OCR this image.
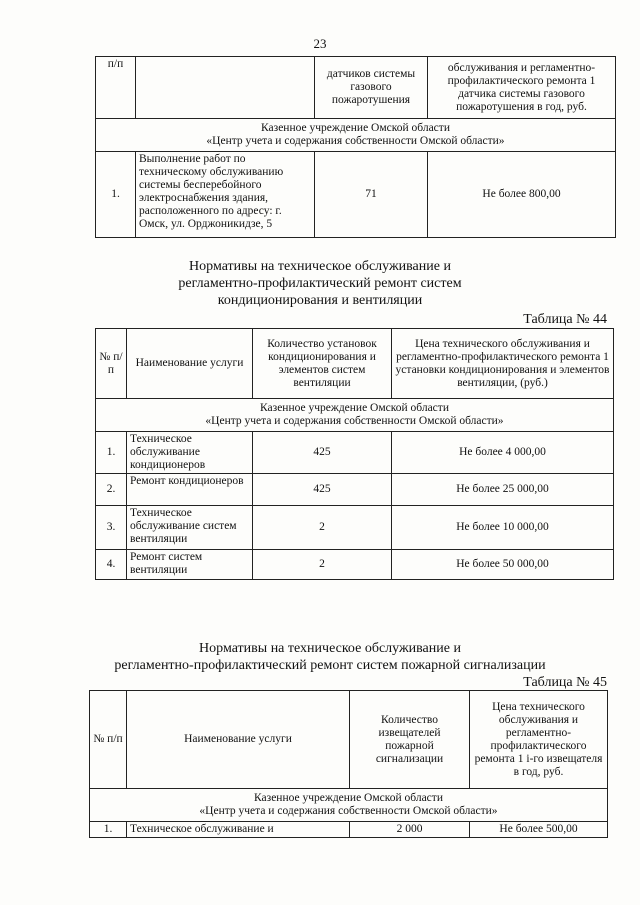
23
п/п		датчиков системы газового пожаротушения	обслуживания и регламентно-профилактического ремонта 1 датчика системы газового пожаротушения в год, руб.

Казенное учреждение Омской области
«Центр учета и содержания собственности Омской области»			

1.	Выполнение работ по техническому обслуживанию системы бесперебойного электроснабжения здания, расположенного по адресу: г. Омск, ул. Орджоникидзе, 5	71	Не более 800,00
Нормативы на техническое обслуживание и
регламентно-профилактический ремонт систем
кондиционирования и вентиляции
Таблица № 44
№ п/п	Наименование услуги	Количество установок кондиционирования и элементов систем вентиляции	Цена технического обслуживания и регламентно-профилактического ремонта 1 установки кондиционирования и элементов вентиляции, (руб.)

Казенное учреждение Омской области
«Центр учета и содержания собственности Омской области»			

1.	Техническое обслуживание кондиционеров	425	Не более 4 000,00
2.	Ремонт кондиционеров	425	Не более 25 000,00
3.	Техническое обслуживание систем вентиляции	2	Не более 10 000,00
4.	Ремонт систем вентиляции	2	Не более 50 000,00
Нормативы на техническое обслуживание и
регламентно-профилактический ремонт систем пожарной сигнализации
Таблица № 45
№ п/п	Наименование услуги	Количество извещателей пожарной сигнализации	Цена технического обслуживания и регламентно-профилактического ремонта 1 i-го извещателя в год, руб.

Казенное учреждение Омской области
«Центр учета и содержания собственности Омской области»			

1.	Техническое обслуживание и	2 000	Не более 500,00
